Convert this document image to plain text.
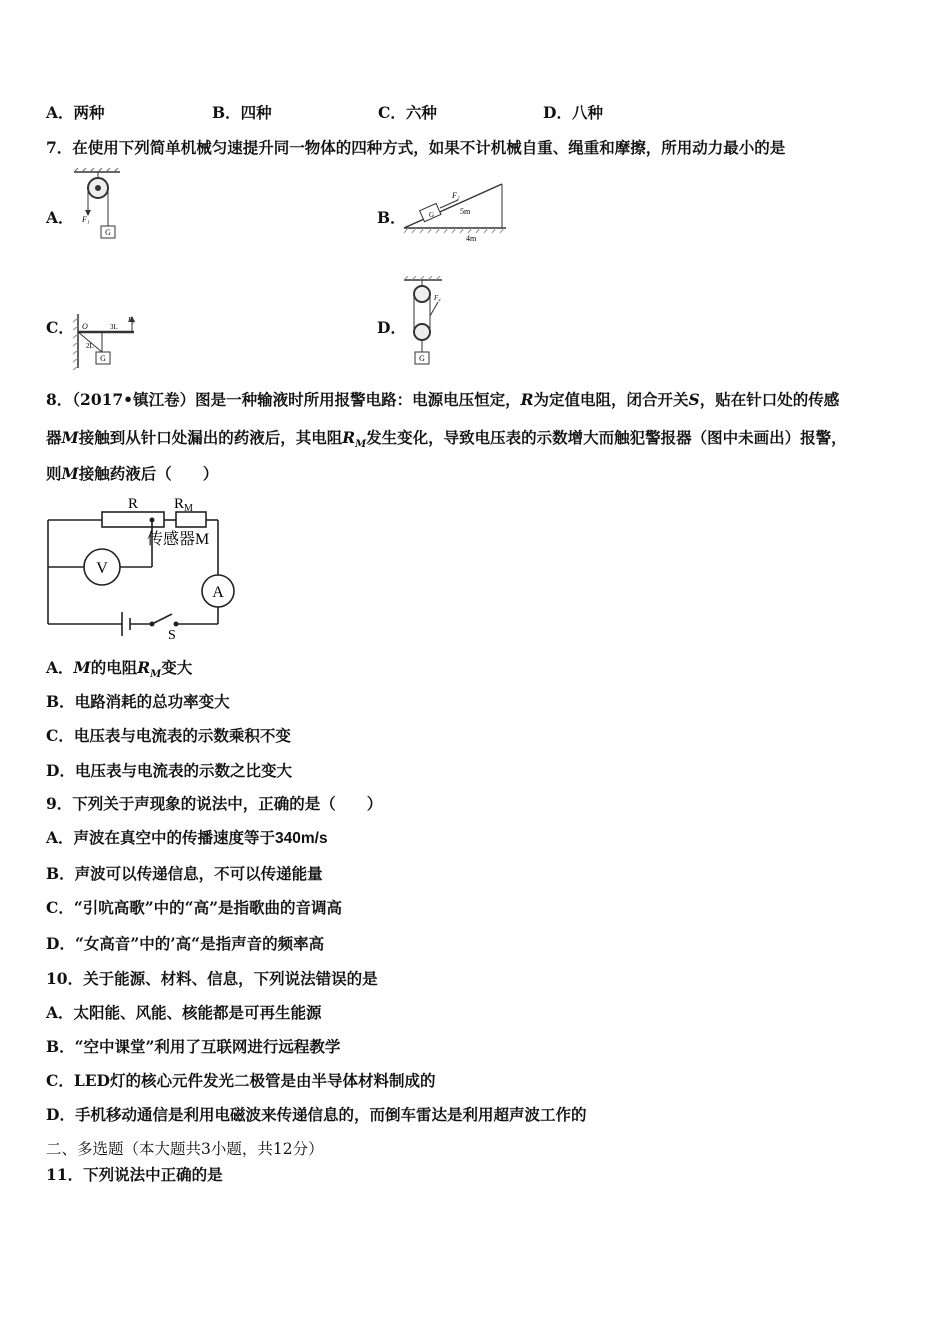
A．两种	B．四种	C．六种	D．八种
7．在使用下列简单机械匀速提升同一物体的四种方式，如果不计机械自重、绳重和摩擦，所用动力最小的是
A． F₁
G
B．	G
F₂
5m
4m
C． O
2L
3L
F₃
G
D．
F₄
G
8．（2017•镇江卷）图是一种输液时所用报警电路：电源电压恒定，R为定值电阻，闭合开关S，贴在针口处的传感
器M接触到从针口处漏出的药液后，其电阻$R_M$发生变化，导致电压表的示数增大而触犯警报器（图中未画出）报警，
则M接触药液后（　　）
R $R_M$
传感器M
V
A
S
A．M的电阻$R_M$变大
B．电路消耗的总功率变大
C．电压表与电流表的示数乘积不变
D．电压表与电流表的示数之比变大
9．下列关于声现象的说法中，正确的是（　　）
A．声波在真空中的传播速度等于340m/s
B．声波可以传递信息，不可以传递能量
C．“引吭高歌”中的“高”是指歌曲的音调高
D．“女高音”中的’高“是指声音的频率高
10．关于能源、材料、信息，下列说法错误的是
A．太阳能、风能、核能都是可再生能源
B．“空中课堂”利用了互联网进行远程教学
C．LED灯的核心元件发光二极管是由半导体材料制成的
D．手机移动通信是利用电磁波来传递信息的，而倒车雷达是利用超声波工作的
二、多选题（本大题共3小题，共12分）
11．下列说法中正确的是
